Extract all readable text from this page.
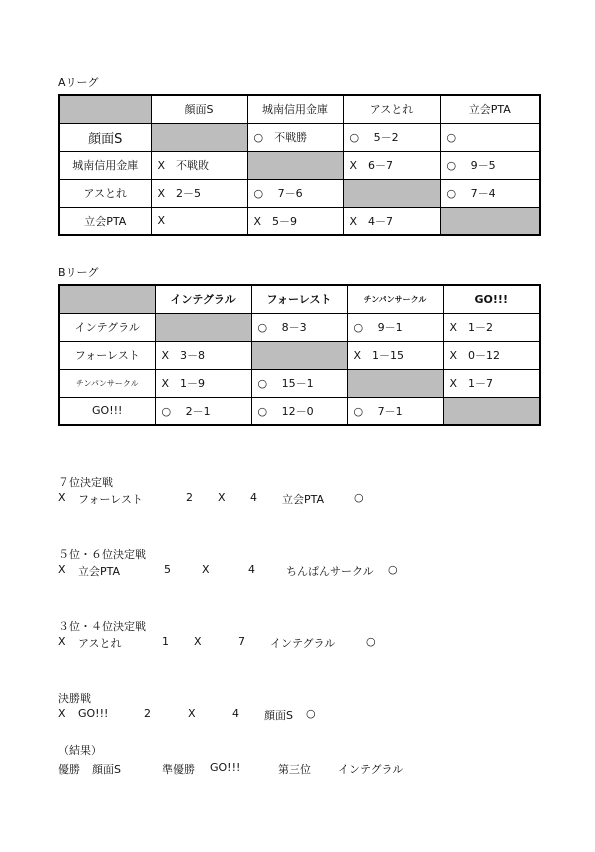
Aリーグ
	顔面S	城南信用金庫	アスとれ	立会PTA
顔面S		○　不戦勝	○　 5－2	○
城南信用金庫	X　不戦敗		X　6－7	○　 9－5
アスとれ	X　2－5	○　 7－6		○　 7－4
立会PTA	X	X　5－9	X　4－7	
Bリーグ
	インテグラル	フォーレスト	チンパンサークル	GO!!!
インテグラル		○　 8－3	○　 9－1	X　1－2
フォーレスト	X　3－8		X　1－15	X　0－12
チンパンサークル	X　1－9	○　 15－1		X　1－7
GO!!!	○　 2－1	○　 12－0	○　 7－1	
７位決定戦

X

フォーレスト

	2

X

4

立会PTA

	○

５位・６位決定戦

X

立会PTA

	5

	X

	4

	ちんぱんサークル

○

３位・４位決定戦

X

アスとれ

	1

X

	7

インテグラル

	○

決勝戦

X

GO!!!

	2

	X

	4

顔面S

○

（結果）

優勝

顔面S

	準優勝

GO!!!

	第三位

インテグラル
